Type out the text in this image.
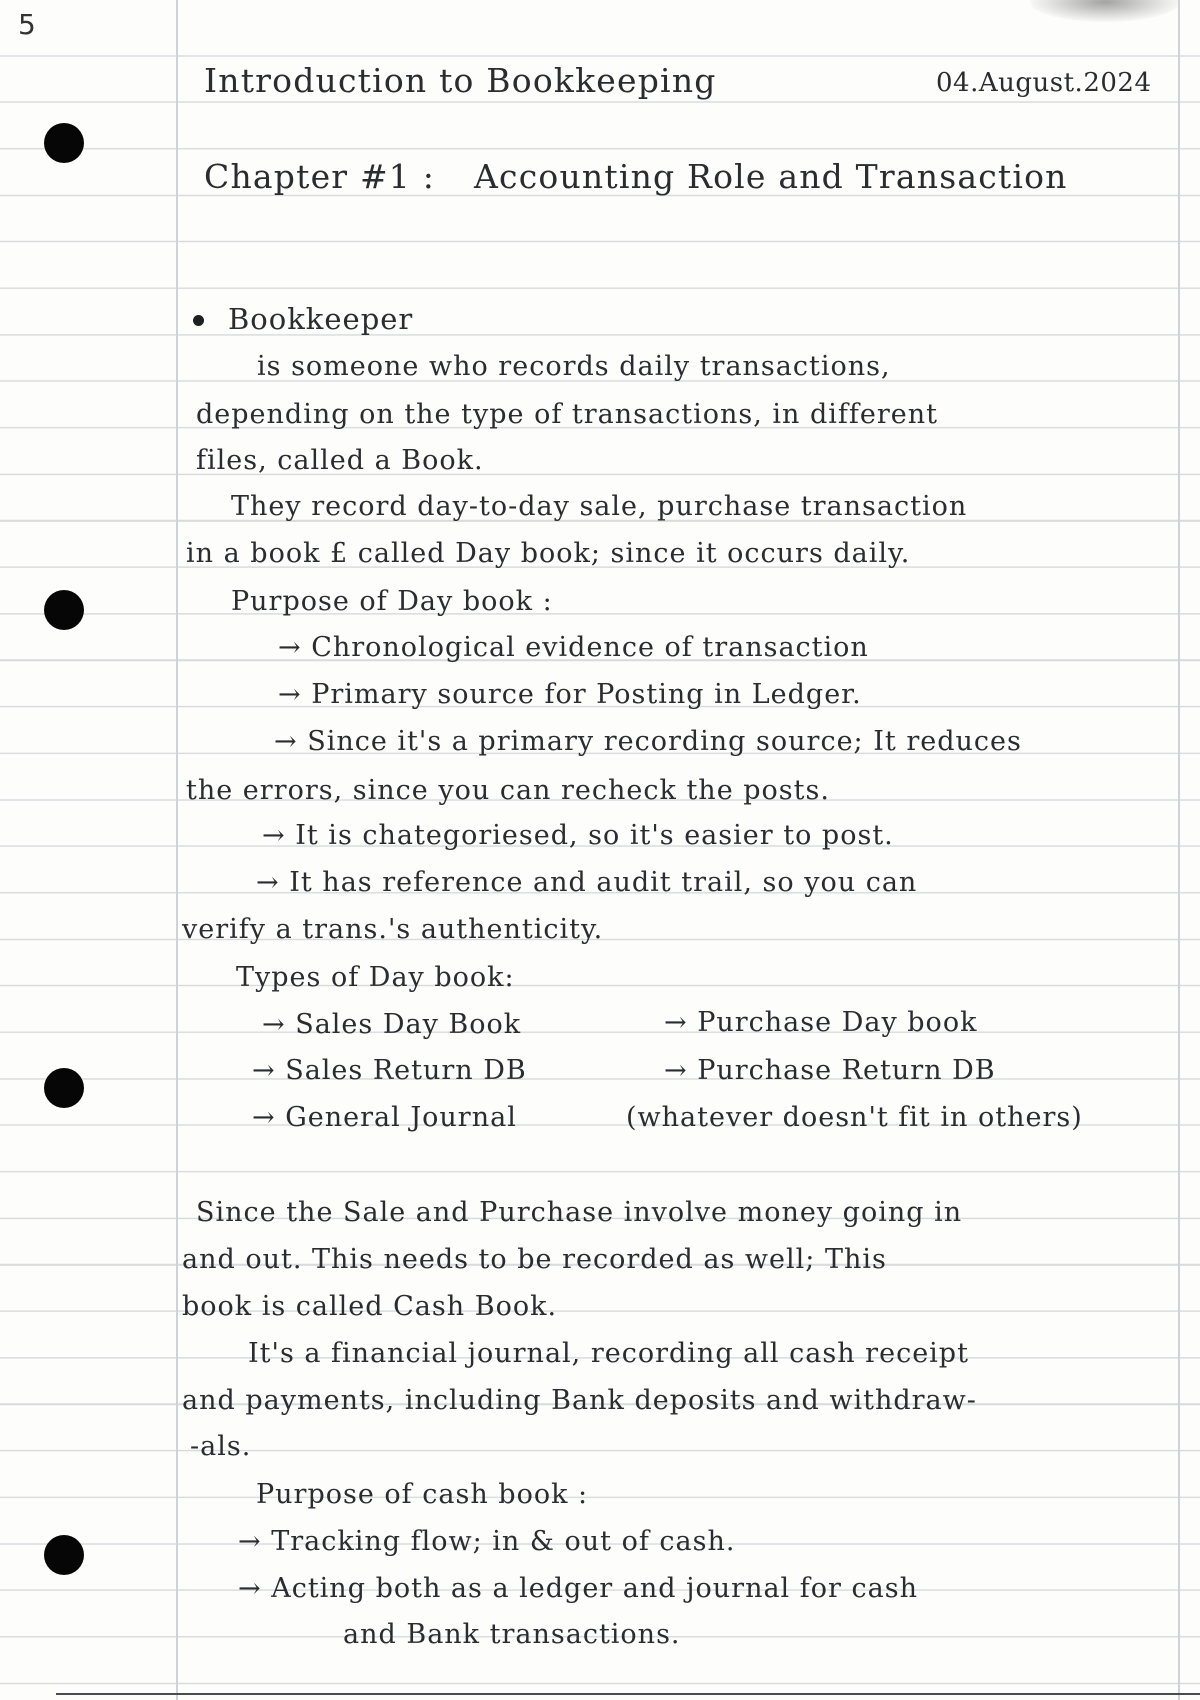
5
Introduction to Bookkeeping	04.August.2024
Chapter #1 : Accounting Role and Transaction
Bookkeeper
is someone who records daily transactions,
depending on the type of transactions, in different
files, called a Book.
They record day-to-day sale, purchase transaction
in a book £ called Day book; since it occurs daily.
Purpose of Day book :
→ Chronological evidence of transaction
→ Primary source for Posting in Ledger.
→ Since it's a primary recording source; It reduces
the errors, since you can recheck the posts.
→ It is chategoriesed, so it's easier to post.
→ It has reference and audit trail, so you can
verify a trans.'s authenticity.
Types of Day book:
→ Sales Day Book	→ Purchase Day book
→ Sales Return DB	→ Purchase Return DB
→ General Journal	(whatever doesn't fit in others)
Since the Sale and Purchase involve money going in
and out. This needs to be recorded as well; This
book is called Cash Book.
It's a financial journal, recording all cash receipt
and payments, including Bank deposits and withdraw-
-als.
Purpose of cash book :
→ Tracking flow; in & out of cash.
→ Acting both as a ledger and journal for cash
and Bank transactions.
